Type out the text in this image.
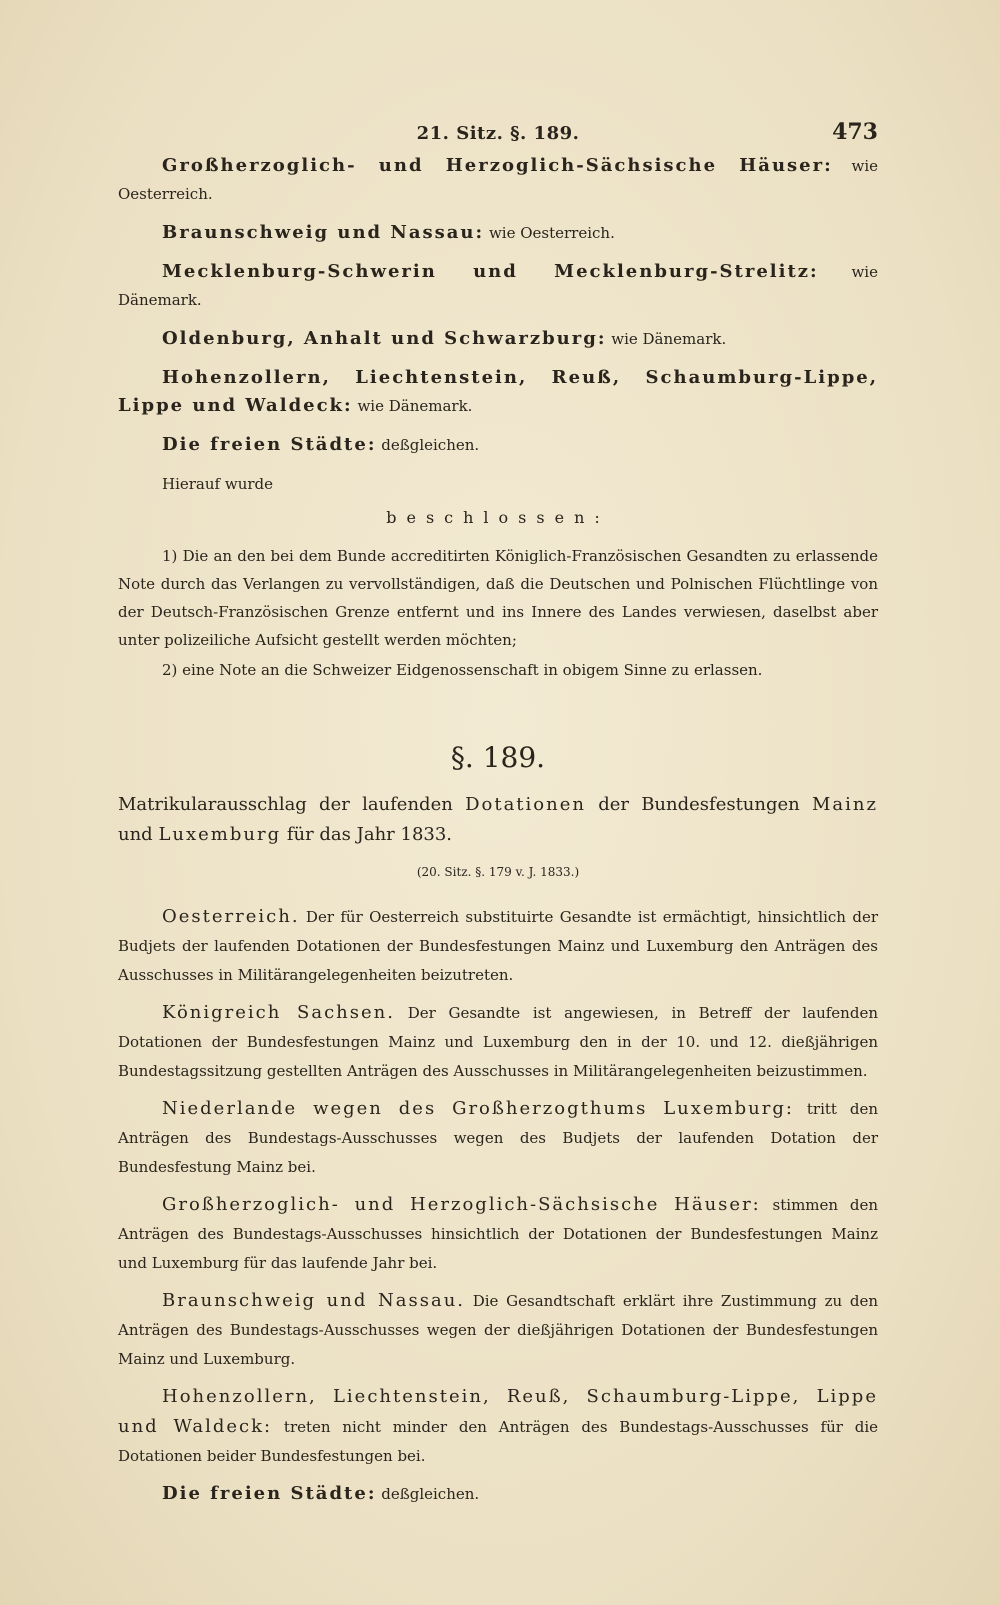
21. Sitz. §. 189.	473

Großherzoglich- und Herzoglich-Sächsische Häuser: wie Oesterreich.

Braunschweig und Nassau: wie Oesterreich.

Mecklenburg-Schwerin und Mecklenburg-Strelitz: wie Dänemark.

Oldenburg, Anhalt und Schwarzburg: wie Dänemark.

Hohenzollern, Liechtenstein, Reuß, Schaumburg-Lippe, Lippe und Waldeck: wie Dänemark.

Die freien Städte: deßgleichen.

Hierauf wurde

beschlossen:

1) Die an den bei dem Bunde accreditirten Königlich-Französischen Gesandten zu erlassende Note durch das Verlangen zu vervollständigen, daß die Deutschen und Polnischen Flüchtlinge von der Deutsch-Französischen Grenze entfernt und ins Innere des Landes verwiesen, daselbst aber unter polizeiliche Aufsicht gestellt werden möchten;

2) eine Note an die Schweizer Eidgenossenschaft in obigem Sinne zu erlassen.

§. 189.

Matrikularausschlag der laufenden Dotationen der Bundesfestungen Mainz und Luxemburg für das Jahr 1833.

(20. Sitz. §. 179 v. J. 1833.)

Oesterreich. Der für Oesterreich substituirte Gesandte ist ermächtigt, hinsichtlich der Budjets der laufenden Dotationen der Bundesfestungen Mainz und Luxemburg den Anträgen des Ausschusses in Militärangelegenheiten beizutreten.

Königreich Sachsen. Der Gesandte ist angewiesen, in Betreff der laufenden Dotationen der Bundesfestungen Mainz und Luxemburg den in der 10. und 12. dießjährigen Bundestagssitzung gestellten Anträgen des Ausschusses in Militärangelegenheiten beizustimmen.

Niederlande wegen des Großherzogthums Luxemburg: tritt den Anträgen des Bundestags-Ausschusses wegen des Budjets der laufenden Dotation der Bundesfestung Mainz bei.

Großherzoglich- und Herzoglich-Sächsische Häuser: stimmen den Anträgen des Bundestags-Ausschusses hinsichtlich der Dotationen der Bundesfestungen Mainz und Luxemburg für das laufende Jahr bei.

Braunschweig und Nassau. Die Gesandtschaft erklärt ihre Zustimmung zu den Anträgen des Bundestags-Ausschusses wegen der dießjährigen Dotationen der Bundesfestungen Mainz und Luxemburg.

Hohenzollern, Liechtenstein, Reuß, Schaumburg-Lippe, Lippe und Waldeck: treten nicht minder den Anträgen des Bundestags-Ausschusses für die Dotationen beider Bundesfestungen bei.

Die freien Städte: deßgleichen.
